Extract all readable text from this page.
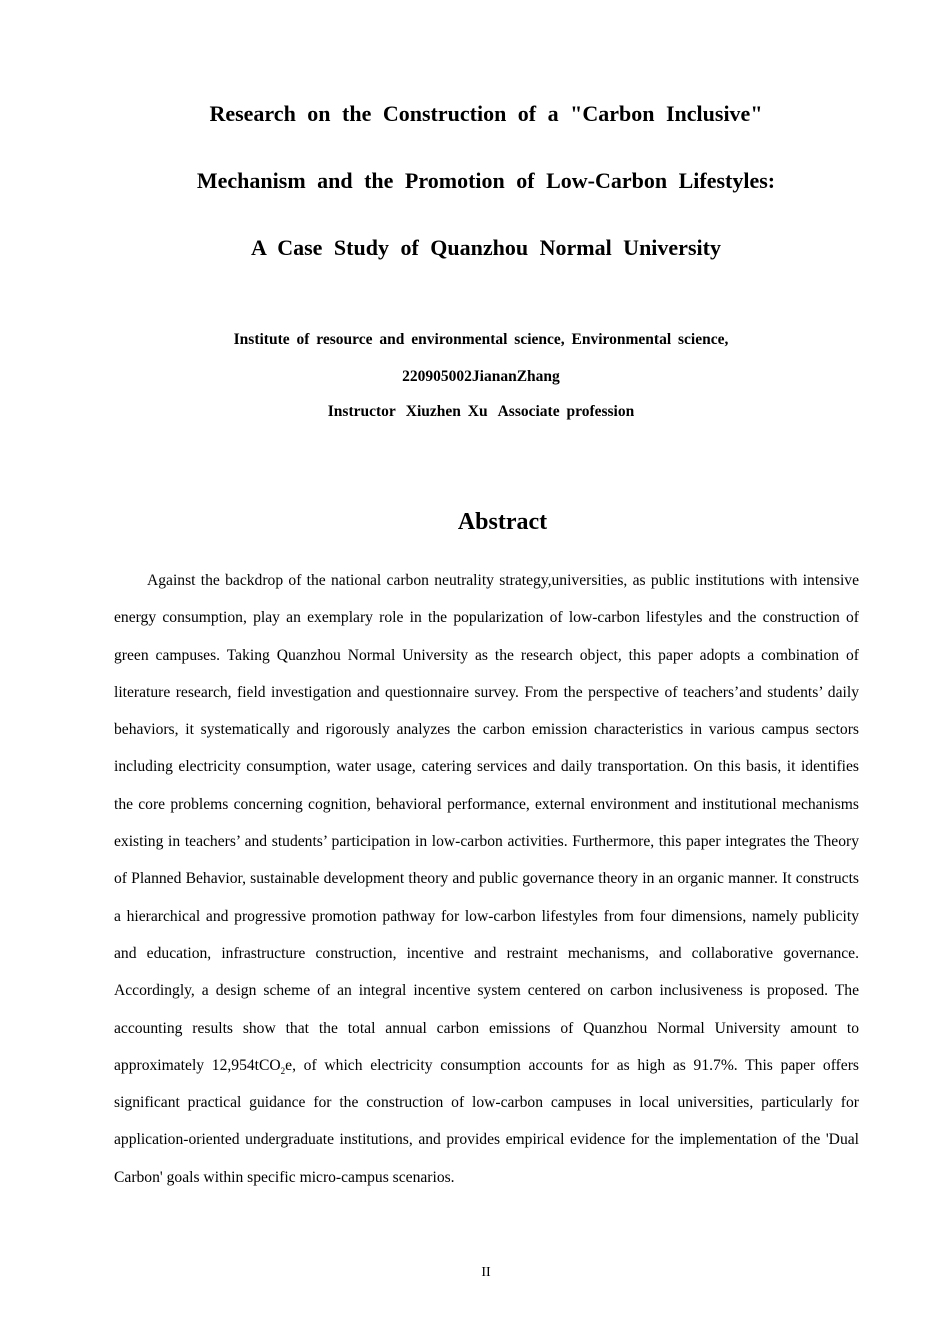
Research on the Construction of a "Carbon Inclusive"
Mechanism and the Promotion of Low-Carbon Lifestyles:
A Case Study of Quanzhou Normal University
Institute of resource and environmental science, Environmental science,
220905002JiananZhang
Instructor Xiuzhen Xu Associate profession
Abstract

Against the backdrop of the national carbon neutrality strategy,universities, as public institutions with intensive energy consumption, play an exemplary role in the popularization of low-carbon lifestyles and the construction of green campuses. Taking Quanzhou Normal University as the research object, this paper adopts a combination of literature research, field investigation and questionnaire survey. From the perspective of teachers’and students’ daily behaviors, it systematically and rigorously analyzes the carbon emission characteristics in various campus sectors including electricity consumption, water usage, catering services and daily transportation. On this basis, it identifies the core problems concerning cognition, behavioral performance, external environment and institutional mechanisms existing in teachers’ and students’ participation in low-carbon activities. Furthermore, this paper integrates the Theory of Planned Behavior, sustainable development theory and public governance theory in an organic manner. It constructs a hierarchical and progressive promotion pathway for low-carbon lifestyles from four dimensions, namely publicity and education, infrastructure construction, incentive and restraint mechanisms, and collaborative governance. Accordingly, a design scheme of an integral incentive system centered on carbon inclusiveness is proposed. The accounting results show that the total annual carbon emissions of Quanzhou Normal University amount to approximately 12,954tCO$_2$e, of which electricity consumption accounts for as high as 91.7%. This paper offers significant practical guidance for the construction of low-carbon campuses in local universities, particularly for application-oriented undergraduate institutions, and provides empirical evidence for the implementation of the 'Dual Carbon' goals within specific micro-campus scenarios.

II
